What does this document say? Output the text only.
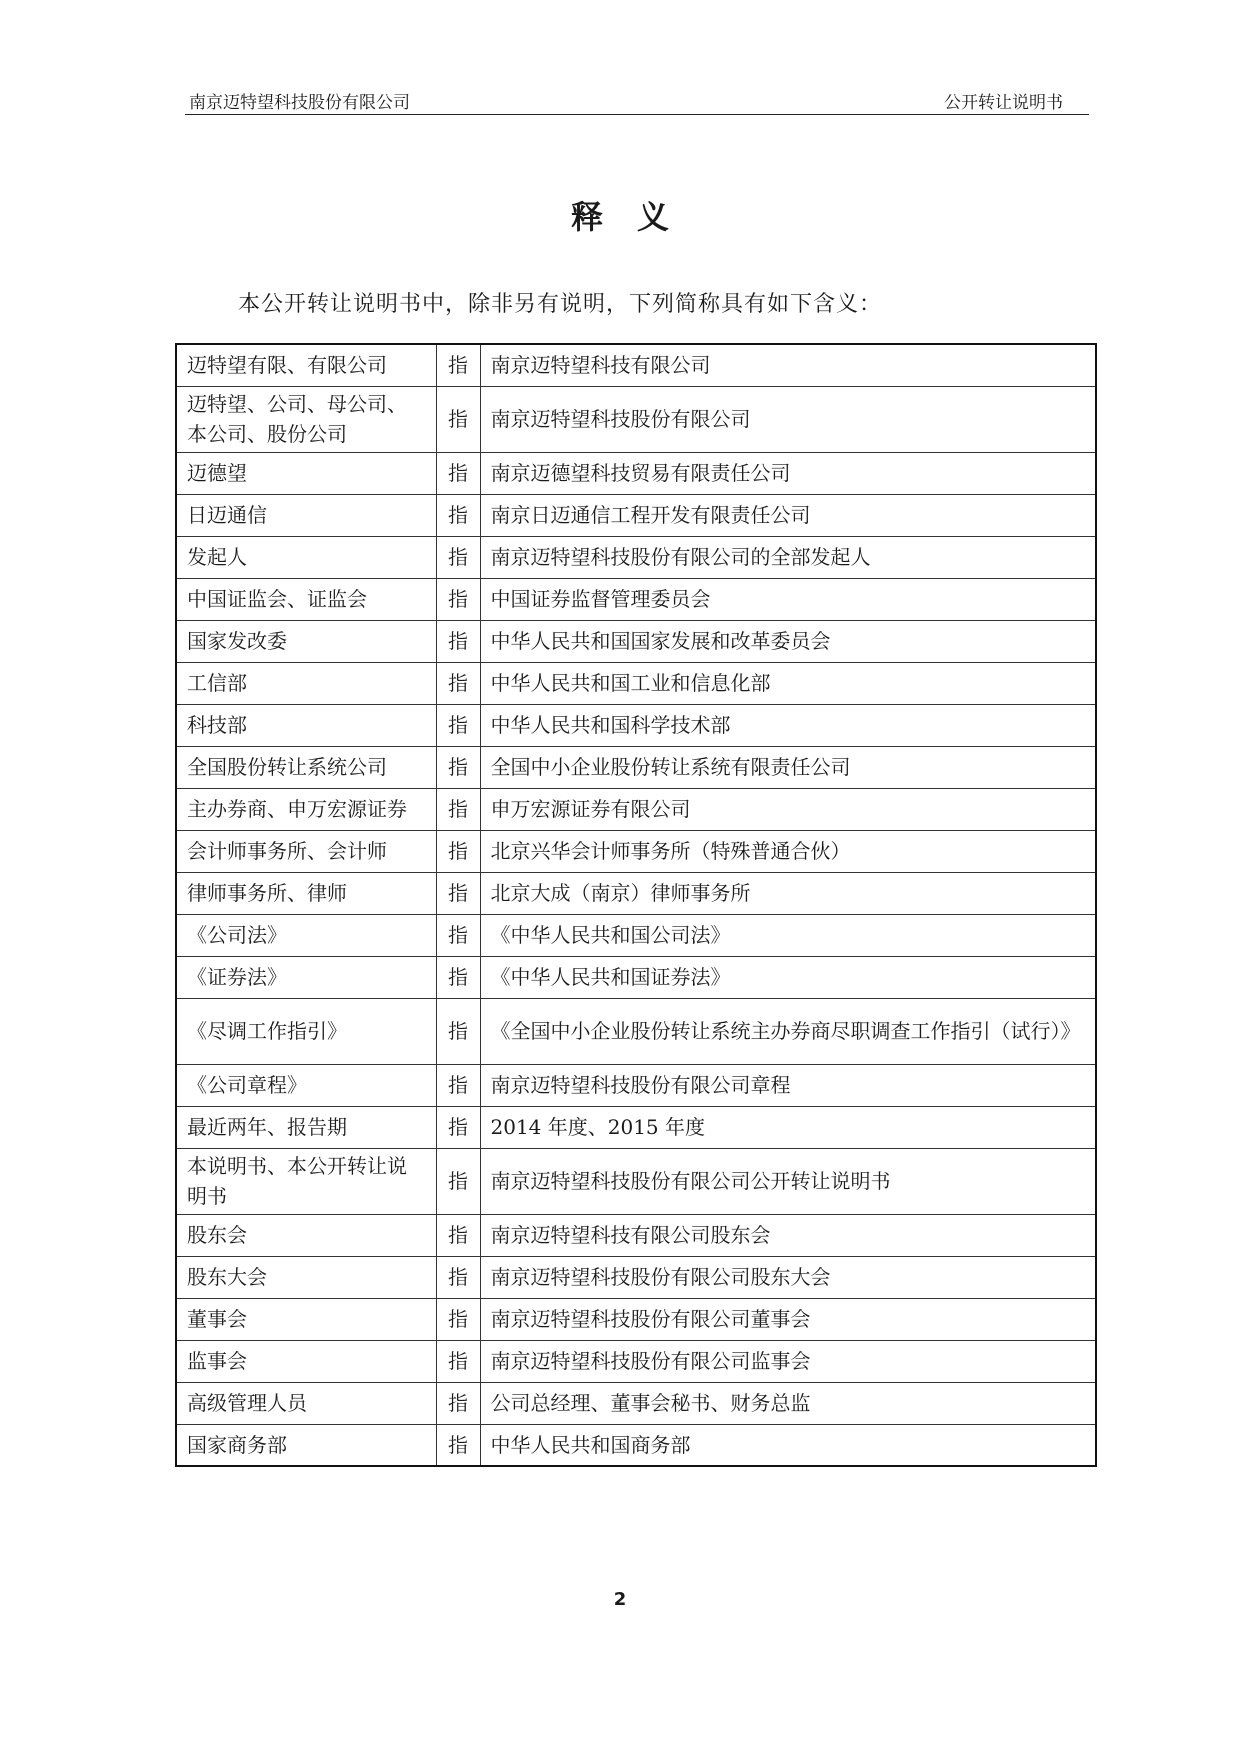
南京迈特望科技股份有限公司	公开转让说明书
释 义
本公开转让说明书中，除非另有说明，下列简称具有如下含义：
迈特望有限、有限公司	指	南京迈特望科技有限公司
迈特望、公司、母公司、本公司、股份公司	指	南京迈特望科技股份有限公司
迈德望	指	南京迈德望科技贸易有限责任公司
日迈通信	指	南京日迈通信工程开发有限责任公司
发起人	指	南京迈特望科技股份有限公司的全部发起人
中国证监会、证监会	指	中国证券监督管理委员会
国家发改委	指	中华人民共和国国家发展和改革委员会
工信部	指	中华人民共和国工业和信息化部
科技部	指	中华人民共和国科学技术部
全国股份转让系统公司	指	全国中小企业股份转让系统有限责任公司
主办券商、申万宏源证券	指	申万宏源证券有限公司
会计师事务所、会计师	指	北京兴华会计师事务所（特殊普通合伙）
律师事务所、律师	指	北京大成（南京）律师事务所
《公司法》	指	《中华人民共和国公司法》
《证券法》	指	《中华人民共和国证券法》
《尽调工作指引》	指	《全国中小企业股份转让系统主办券商尽职调查工作指引（试行）》
《公司章程》	指	南京迈特望科技股份有限公司章程
最近两年、报告期	指	2014 年度、2015 年度
本说明书、本公开转让说明书	指	南京迈特望科技股份有限公司公开转让说明书
股东会	指	南京迈特望科技有限公司股东会
股东大会	指	南京迈特望科技股份有限公司股东大会
董事会	指	南京迈特望科技股份有限公司董事会
监事会	指	南京迈特望科技股份有限公司监事会
高级管理人员	指	公司总经理、董事会秘书、财务总监
国家商务部	指	中华人民共和国商务部
2
